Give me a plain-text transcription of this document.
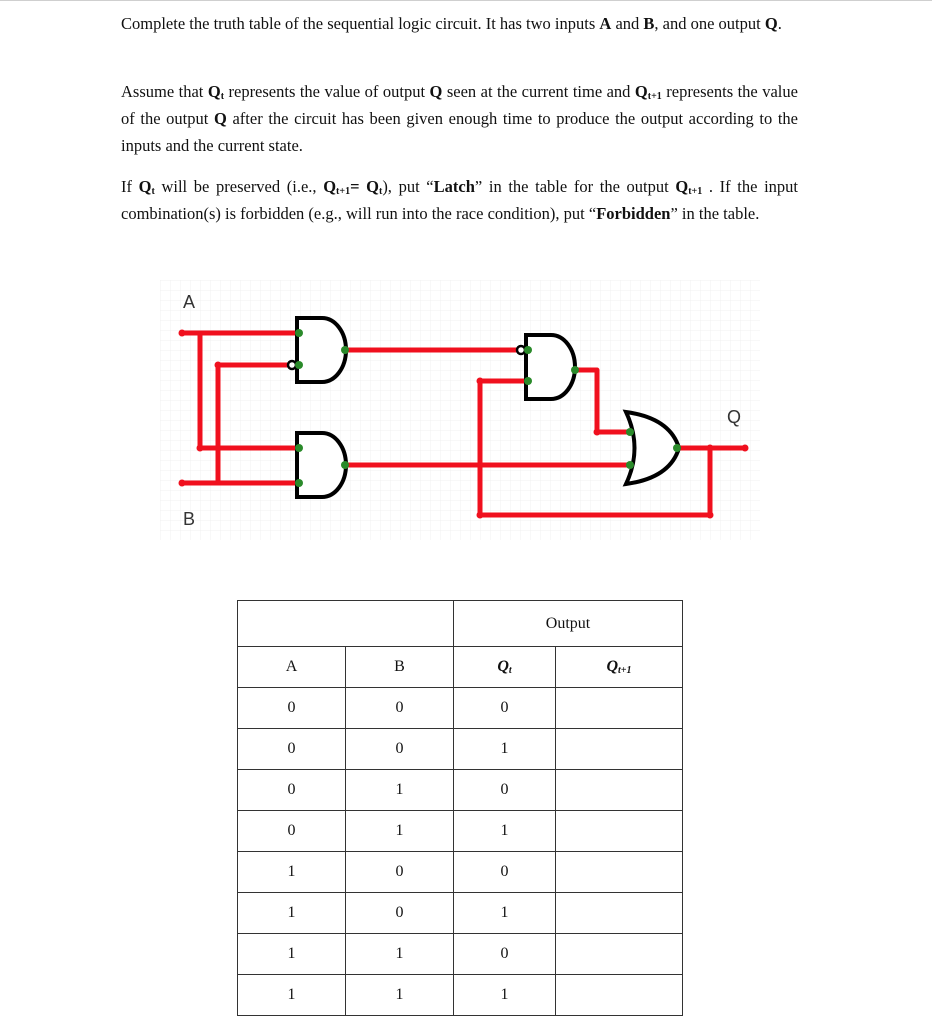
Complete the truth table of the sequential logic circuit. It has two inputs A and B, and one output Q.

Assume that $Q_t$ represents the value of output Q seen at the current time and $Q_{t+1}$ represents the value of the output Q after the circuit has been given enough time to produce the output according to the inputs and the current state.

If $Q_t$ will be preserved (i.e., $Q_{t+1}= Q_t$), put “Latch” in the table for the output $Q_{t+1}$ . If the input combination(s) is forbidden (e.g., will run into the race condition), put “Forbidden” in the table.

A
B
Q
		Output	
A	B	$Q_t$	$Q_{t+1}$
0	0	0	
0	0	1	
0	1	0	
0	1	1	
1	0	0	
1	0	1	
1	1	0	
1	1	1	
